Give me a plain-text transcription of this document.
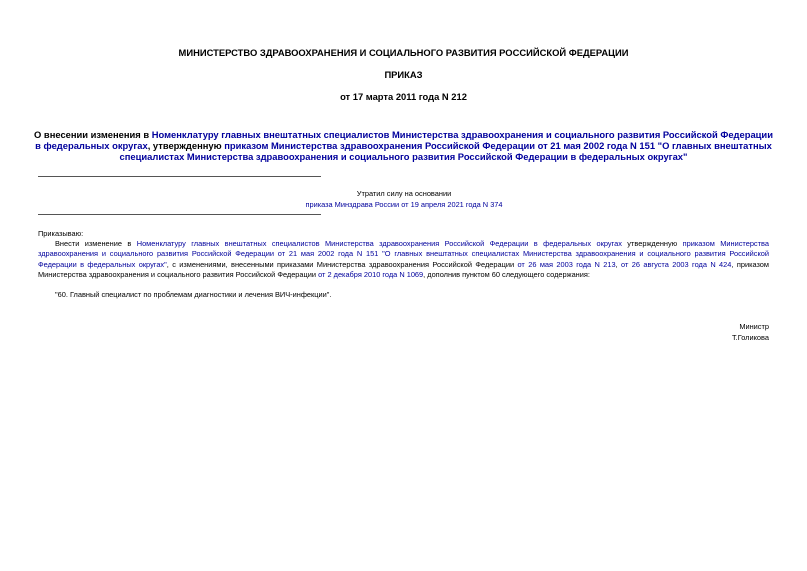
МИНИСТЕРСТВО ЗДРАВООХРАНЕНИЯ И СОЦИАЛЬНОГО РАЗВИТИЯ РОССИЙСКОЙ ФЕДЕРАЦИИ

ПРИКАЗ

от 17 марта 2011 года N 212

О внесении изменения в Номенклатуру главных внештатных специалистов Министерства здравоохранения и социального развития Российской Федерации в федеральных округах, утвержденную приказом Министерства здравоохранения Российской Федерации от 21 мая 2002 года N 151 "О главных внештатных специалистах Министерства здравоохранения и социального развития Российской Федерации в федеральных округах"

Утратил силу на основании
приказа Минздрава России от 19 апреля 2021 года N 374
Приказываю:

Внести изменение в Номенклатуру главных внештатных специалистов Министерства здравоохранения Российской Федерации в федеральных округах утвержденную приказом Министерства здравоохранения и социального развития Российской Федерации от 21 мая 2002 года N 151 "О главных внештатных специалистах Министерства здравоохранения и социального развития Российской Федерации в федеральных округах", с изменениями, внесенными приказами Министерства здравоохранения Российской Федерации от 26 мая 2003 года N 213, от 26 августа 2003 года N 424, приказом Министерства здравоохранения и социального развития Российской Федерации от 2 декабря 2010 года N 1069, дополнив пунктом 60 следующего содержания:

"60. Главный специалист по проблемам диагностики и лечения ВИЧ-инфекции".
Министр
Т.Голикова
